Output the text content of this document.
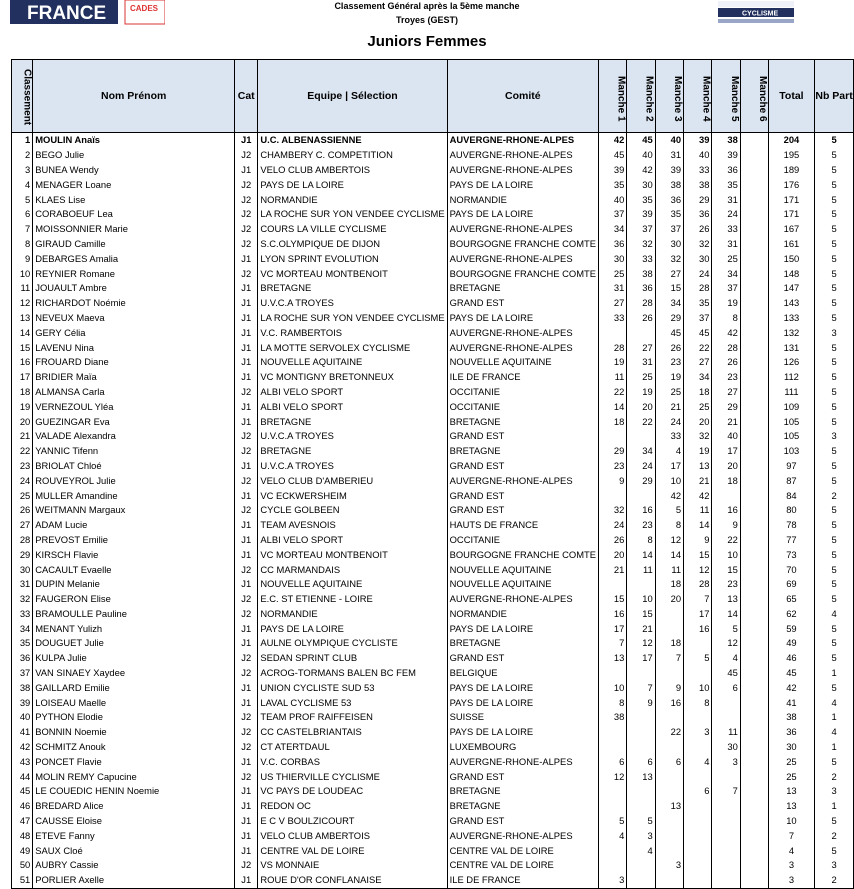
FRANCE	CADES
CYCLISME
Classement Général après la 5ème manche
Troyes (GEST)
Juniors Femmes
Classement	Nom Prénom	Cat	Equipe | Sélection	Comité	Manche 1	Manche 2	Manche 3	Manche 4	Manche 5	Manche 6	Total	Nb Part
1	MOULIN Anaïs	J1	U.C. ALBENASSIENNE	AUVERGNE-RHONE-ALPES	42	45	40	39	38		204	5
2	BEGO Julie	J2	CHAMBERY C. COMPETITION	AUVERGNE-RHONE-ALPES	45	40	31	40	39		195	5
3	BUNEA Wendy	J1	VELO CLUB AMBERTOIS	AUVERGNE-RHONE-ALPES	39	42	39	33	36		189	5
4	MENAGER Loane	J2	PAYS DE LA LOIRE	PAYS DE LA LOIRE	35	30	38	38	35		176	5
5	KLAES Lise	J2	NORMANDIE	NORMANDIE	40	35	36	29	31		171	5
6	CORABOEUF Lea	J2	LA ROCHE SUR YON VENDEE CYCLISME	PAYS DE LA LOIRE	37	39	35	36	24		171	5
7	MOISSONNIER Marie	J2	COURS LA VILLE CYCLISME	AUVERGNE-RHONE-ALPES	34	37	37	26	33		167	5
8	GIRAUD Camille	J2	S.C.OLYMPIQUE DE DIJON	BOURGOGNE FRANCHE COMTE	36	32	30	32	31		161	5
9	DEBARGES Amalia	J1	LYON SPRINT EVOLUTION	AUVERGNE-RHONE-ALPES	30	33	32	30	25		150	5
10	REYNIER Romane	J2	VC MORTEAU MONTBENOIT	BOURGOGNE FRANCHE COMTE	25	38	27	24	34		148	5
11	JOUAULT Ambre	J1	BRETAGNE	BRETAGNE	31	36	15	28	37		147	5
12	RICHARDOT Noémie	J1	U.V.C.A TROYES	GRAND EST	27	28	34	35	19		143	5
13	NEVEUX Maeva	J1	LA ROCHE SUR YON VENDEE CYCLISME	PAYS DE LA LOIRE	33	26	29	37	8		133	5
14	GERY Célia	J1	V.C. RAMBERTOIS	AUVERGNE-RHONE-ALPES			45	45	42		132	3
15	LAVENU Nina	J1	LA MOTTE SERVOLEX CYCLISME	AUVERGNE-RHONE-ALPES	28	27	26	22	28		131	5
16	FROUARD Diane	J1	NOUVELLE AQUITAINE	NOUVELLE AQUITAINE	19	31	23	27	26		126	5
17	BRIDIER Maïa	J1	VC MONTIGNY BRETONNEUX	ILE DE FRANCE	11	25	19	34	23		112	5
18	ALMANSA Carla	J2	ALBI VELO SPORT	OCCITANIE	22	19	25	18	27		111	5
19	VERNEZOUL Yléa	J1	ALBI VELO SPORT	OCCITANIE	14	20	21	25	29		109	5
20	GUEZINGAR Eva	J1	BRETAGNE	BRETAGNE	18	22	24	20	21		105	5
21	VALADE Alexandra	J2	U.V.C.A TROYES	GRAND EST			33	32	40		105	3
22	YANNIC Tifenn	J2	BRETAGNE	BRETAGNE	29	34	4	19	17		103	5
23	BRIOLAT Chloé	J1	U.V.C.A TROYES	GRAND EST	23	24	17	13	20		97	5
24	ROUVEYROL Julie	J2	VELO CLUB D'AMBERIEU	AUVERGNE-RHONE-ALPES	9	29	10	21	18		87	5
25	MULLER Amandine	J1	VC ECKWERSHEIM	GRAND EST			42	42			84	2
26	WEITMANN Margaux	J2	CYCLE GOLBEEN	GRAND EST	32	16	5	11	16		80	5
27	ADAM Lucie	J1	TEAM AVESNOIS	HAUTS DE FRANCE	24	23	8	14	9		78	5
28	PREVOST Emilie	J1	ALBI VELO SPORT	OCCITANIE	26	8	12	9	22		77	5
29	KIRSCH Flavie	J1	VC MORTEAU MONTBENOIT	BOURGOGNE FRANCHE COMTE	20	14	14	15	10		73	5
30	CACAULT Evaelle	J2	CC MARMANDAIS	NOUVELLE AQUITAINE	21	11	11	12	15		70	5
31	DUPIN Melanie	J1	NOUVELLE AQUITAINE	NOUVELLE AQUITAINE			18	28	23		69	5
32	FAUGERON Elise	J2	E.C. ST ETIENNE - LOIRE	AUVERGNE-RHONE-ALPES	15	10	20	7	13		65	5
33	BRAMOULLE Pauline	J2	NORMANDIE	NORMANDIE	16	15		17	14		62	4
34	MENANT Yulizh	J1	PAYS DE LA LOIRE	PAYS DE LA LOIRE	17	21		16	5		59	5
35	DOUGUET Julie	J1	AULNE OLYMPIQUE CYCLISTE	BRETAGNE	7	12	18		12		49	5
36	KULPA Julie	J2	SEDAN SPRINT CLUB	GRAND EST	13	17	7	5	4		46	5
37	VAN SINAEY Xaydee	J2	ACROG-TORMANS BALEN BC FEM	BELGIQUE					45		45	1
38	GAILLARD Emilie	J1	UNION CYCLISTE SUD 53	PAYS DE LA LOIRE	10	7	9	10	6		42	5
39	LOISEAU Maelle	J1	LAVAL CYCLISME 53	PAYS DE LA LOIRE	8	9	16	8			41	4
40	PYTHON Elodie	J2	TEAM PROF RAIFFEISEN	SUISSE	38						38	1
41	BONNIN Noemie	J2	CC CASTELBRIANTAIS	PAYS DE LA LOIRE			22	3	11		36	4
42	SCHMITZ Anouk	J2	CT ATERTDAUL	LUXEMBOURG					30		30	1
43	PONCET Flavie	J1	V.C. CORBAS	AUVERGNE-RHONE-ALPES	6	6	6	4	3		25	5
44	MOLIN REMY Capucine	J2	US THIERVILLE CYCLISME	GRAND EST	12	13					25	2
45	LE COUEDIC HENIN Noemie	J1	VC PAYS DE LOUDEAC	BRETAGNE				6	7		13	3
46	BREDARD Alice	J1	REDON OC	BRETAGNE			13				13	1
47	CAUSSE Eloise	J1	E C V BOULZICOURT	GRAND EST	5	5					10	5
48	ETEVE Fanny	J1	VELO CLUB AMBERTOIS	AUVERGNE-RHONE-ALPES	4	3					7	2
49	SAUX Cloé	J1	CENTRE VAL DE LOIRE	CENTRE VAL DE LOIRE		4					4	5
50	AUBRY Cassie	J2	VS MONNAIE	CENTRE VAL DE LOIRE			3				3	3
51	PORLIER Axelle	J1	ROUE D'OR CONFLANAISE	ILE DE FRANCE	3						3	2
